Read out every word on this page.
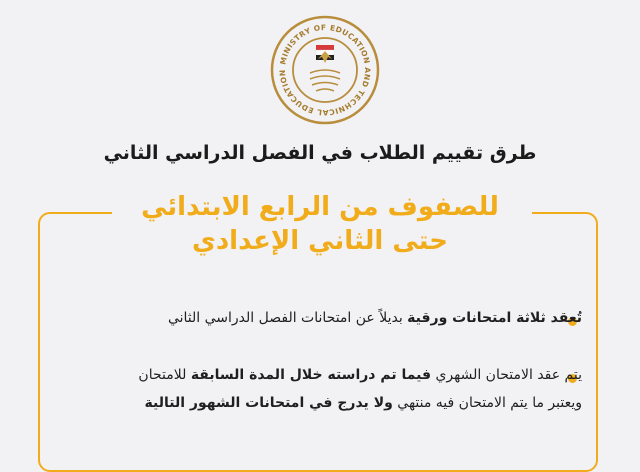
MINISTRY OF EDUCATION AND TECHNICAL EDUCATION
طرق تقييم الطلاب في الفصل الدراسي الثاني
للصفوف من الرابع الابتدائي
حتى الثاني الإعدادي
تُعقد ثلاثة امتحانات ورقية بديلاً عن امتحانات الفصل الدراسي الثاني
يتم عقد الامتحان الشهري فيما تم دراسته خلال المدة السابقة للامتحان
ويعتبر ما يتم الامتحان فيه منتهي ولا يدرج في امتحانات الشهور التالية
